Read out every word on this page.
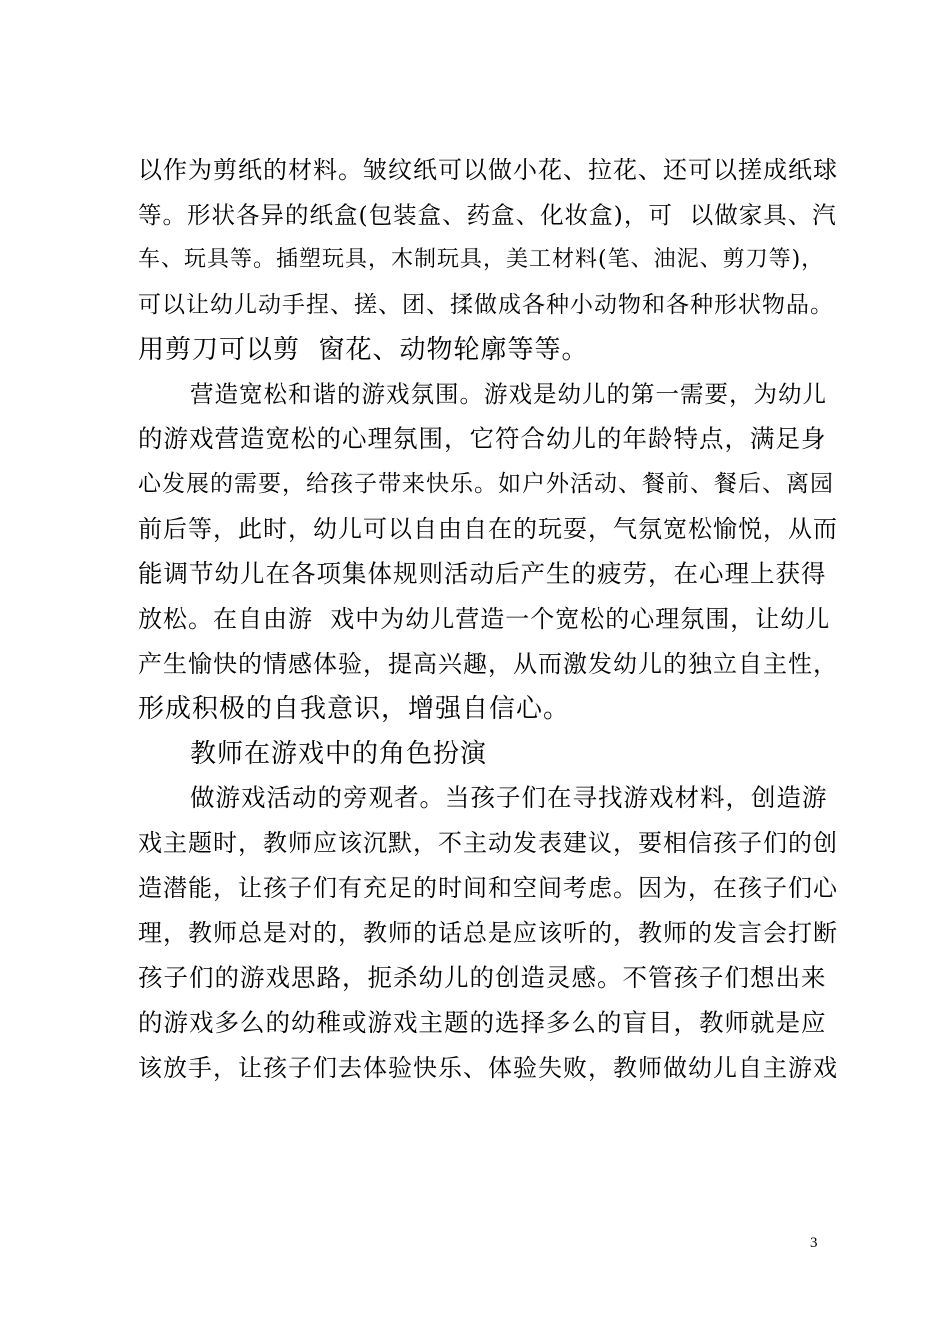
以作为剪纸的材料。皱纹纸可以做小花、拉花、还可以搓成纸球
等。形状各异的纸盒(包装盒、药盒、化妆盒)，可  以做家具、汽
车、玩具等。插塑玩具，木制玩具，美工材料(笔、油泥、剪刀等)，
可以让幼儿动手捏、搓、团、揉做成各种小动物和各种形状物品。
用剪刀可以剪  窗花、动物轮廓等等。
营造宽松和谐的游戏氛围。游戏是幼儿的第一需要，为幼儿
的游戏营造宽松的心理氛围，它符合幼儿的年龄特点，满足身
心发展的需要，给孩子带来快乐。如户外活动、餐前、餐后、离园
前后等，此时，幼儿可以自由自在的玩耍，气氛宽松愉悦，从而
能调节幼儿在各项集体规则活动后产生的疲劳，在心理上获得
放松。在自由游  戏中为幼儿营造一个宽松的心理氛围，让幼儿
产生愉快的情感体验，提高兴趣，从而激发幼儿的独立自主性，
形成积极的自我意识，增强自信心。
教师在游戏中的角色扮演
做游戏活动的旁观者。当孩子们在寻找游戏材料，创造游
戏主题时，教师应该沉默，不主动发表建议，要相信孩子们的创
造潜能，让孩子们有充足的时间和空间考虑。因为，在孩子们心
理，教师总是对的，教师的话总是应该听的，教师的发言会打断
孩子们的游戏思路，扼杀幼儿的创造灵感。不管孩子们想出来
的游戏多么的幼稚或游戏主题的选择多么的盲目，教师就是应
该放手，让孩子们去体验快乐、体验失败，教师做幼儿自主游戏
3
